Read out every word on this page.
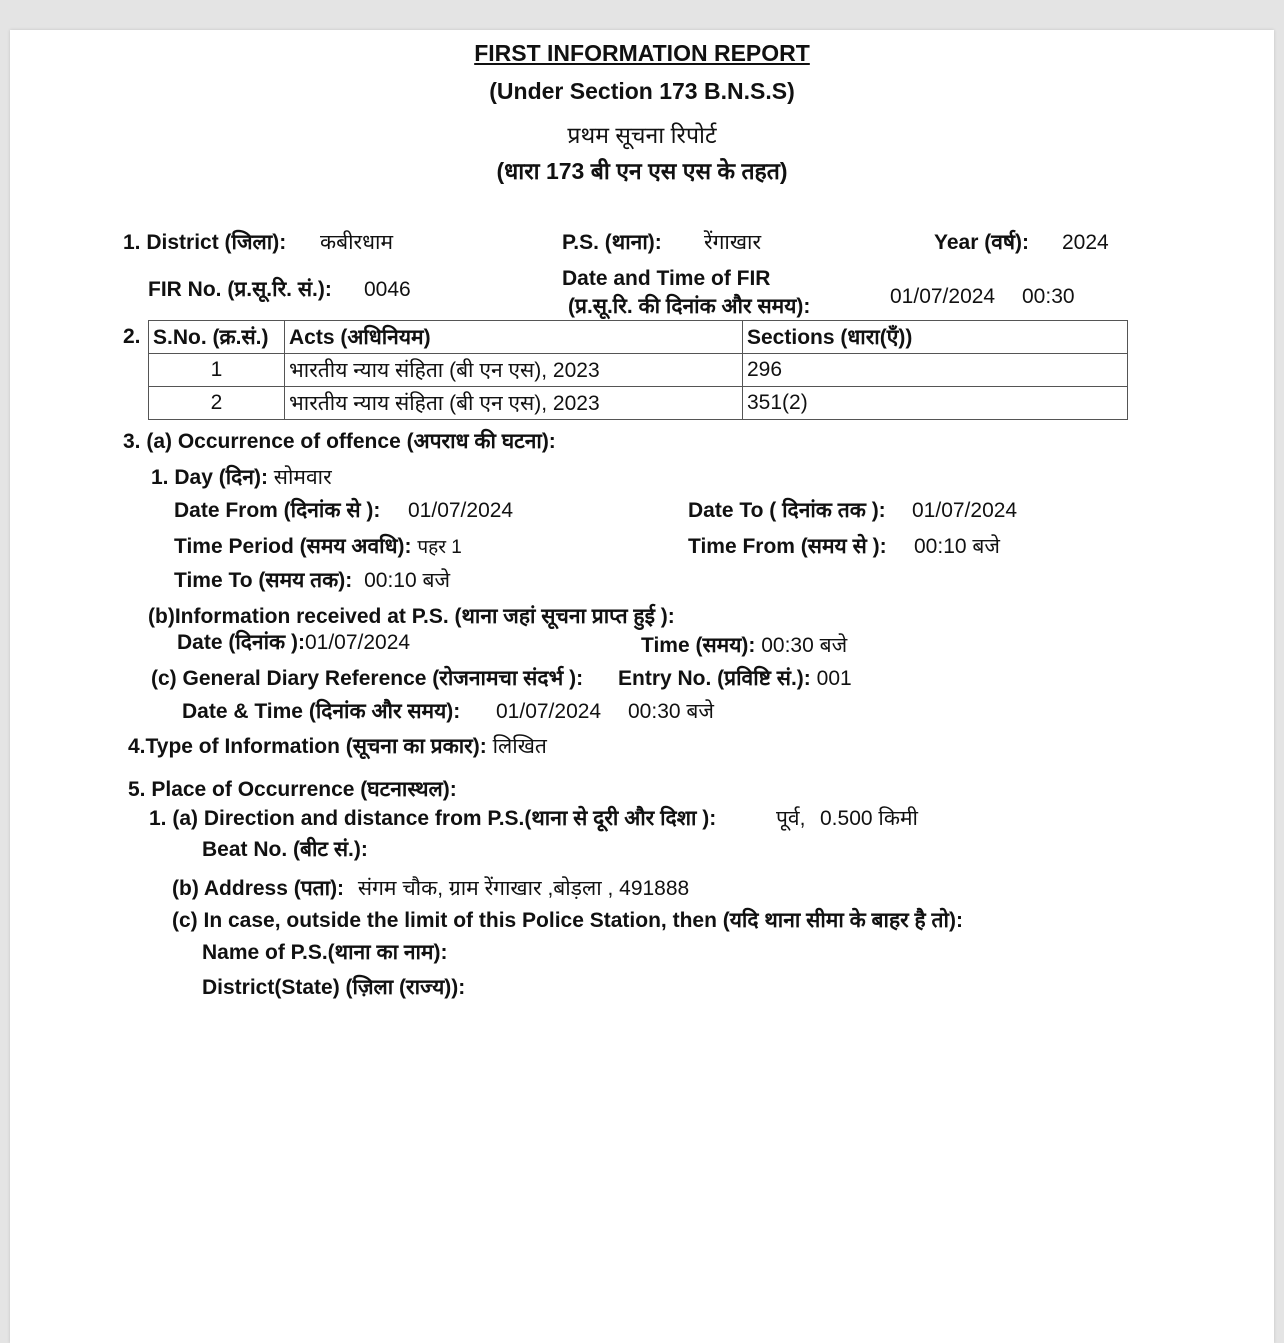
FIRST INFORMATION REPORT
(Under Section 173 B.N.S.S)
प्रथम सूचना रिपोर्ट
(धारा 173 बी एन एस एस के तहत)
1. District (जिला): कबीरधाम	P.S. (थाना): रेंगाखार	Year (वर्ष): 2024
FIR No. (प्र.सू.रि. सं.): 0046	Date and Time of FIR
(प्र.सू.रि. की दिनांक और समय):	01/07/2024 00:30
2. S.No. (क्र.सं.)	Acts (अधिनियम)	Sections (धारा(एँ))
1	भारतीय न्याय संहिता (बी एन एस), 2023	296
2	भारतीय न्याय संहिता (बी एन एस), 2023	351(2)
3. (a) Occurrence of offence (अपराध की घटना):
1. Day (दिन): सोमवार
Date From (दिनांक से ): 01/07/2024	Date To ( दिनांक तक ): 01/07/2024
Time Period (समय अवधि): पहर 1	Time From (समय से ): 00:10 बजे
Time To (समय तक): 00:10 बजे
(b)Information received at P.S. (थाना जहां सूचना प्राप्त हुई ):
Date (दिनांक ):01/07/2024	Time (समय): 00:30 बजे
(c) General Diary Reference (रोजनामचा संदर्भ ): Entry No. (प्रविष्टि सं.): 001
Date & Time (दिनांक और समय): 01/07/2024 00:30 बजे
4.Type of Information (सूचना का प्रकार): लिखित
5. Place of Occurrence (घटनास्थल):
1. (a) Direction and distance from P.S.(थाना से दूरी और दिशा ):	पूर्व, 0.500 किमी
Beat No. (बीट सं.):
(b) Address (पता): संगम चौक, ग्राम रेंगाखार ,बोड़ला , 491888
(c) In case, outside the limit of this Police Station, then (यदि थाना सीमा के बाहर है तो):
Name of P.S.(थाना का नाम):
District(State) (ज़िला (राज्य)):
